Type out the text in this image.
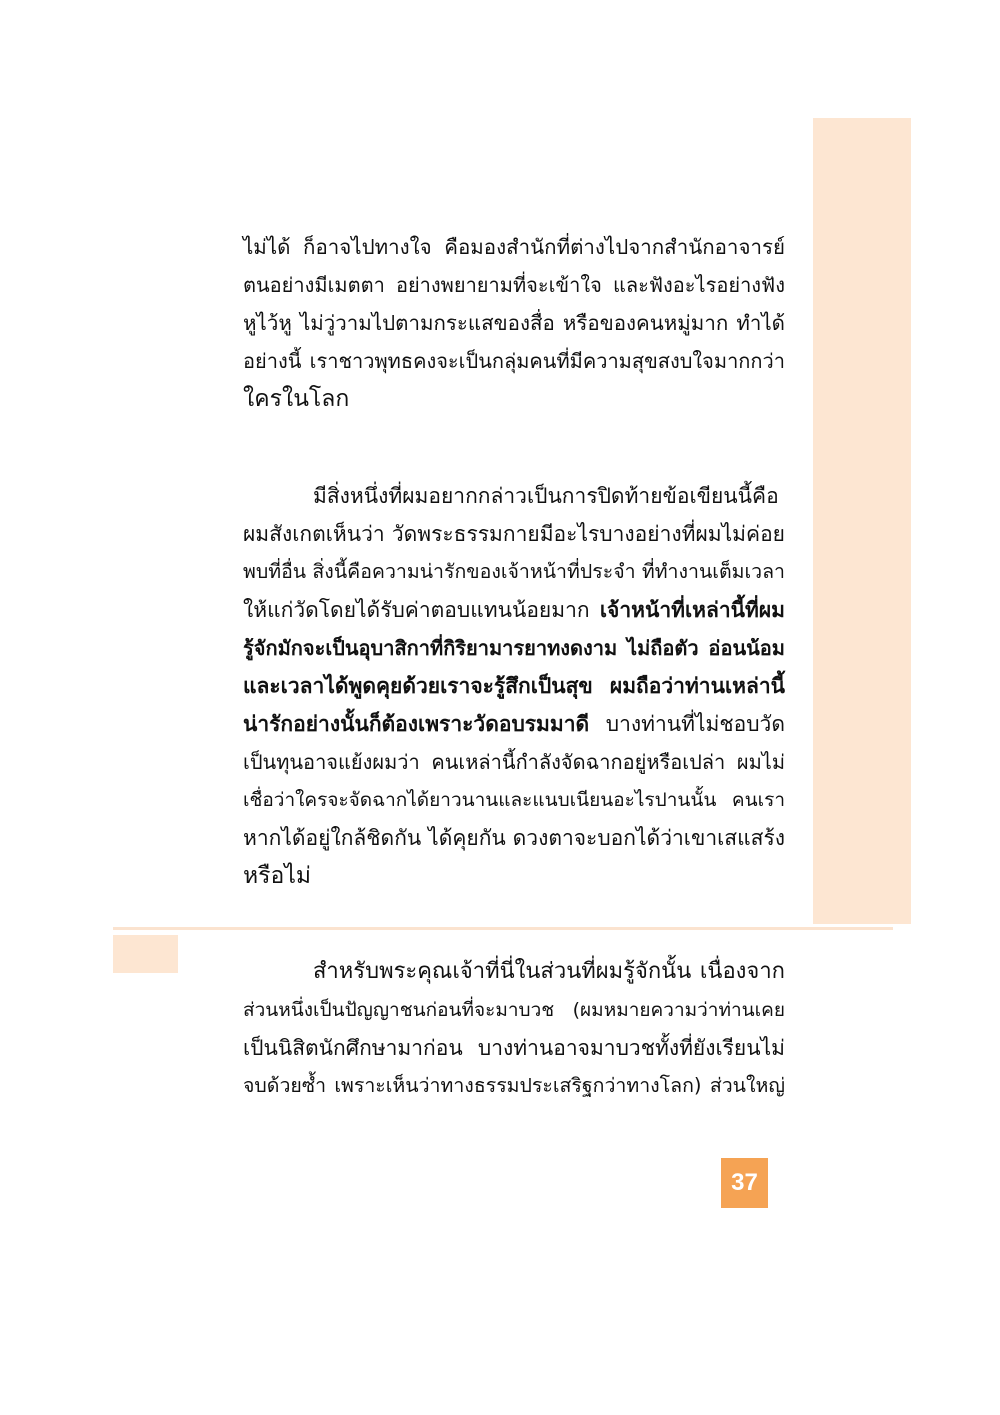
ไม่ได้ ก็อาจไปทางใจ คือมองสำนักที่ต่างไปจากสำนักอาจารย์
ตนอย่างมีเมตตา อย่างพยายามที่จะเข้าใจ และฟังอะไรอย่างฟัง
หูไว้หู ไม่วู่วามไปตามกระแสของสื่อ หรือของคนหมู่มาก ทำได้
อย่างนี้ เราชาวพุทธคงจะเป็นกลุ่มคนที่มีความสุขสงบใจมากกว่า
ใครในโลก
มีสิ่งหนึ่งที่ผมอยากกล่าวเป็นการปิดท้ายข้อเขียนนี้คือ
ผมสังเกตเห็นว่า วัดพระธรรมกายมีอะไรบางอย่างที่ผมไม่ค่อย
พบที่อื่น สิ่งนี้คือความน่ารักของเจ้าหน้าที่ประจำ ที่ทำงานเต็มเวลา
ให้แก่วัดโดยได้รับค่าตอบแทนน้อยมาก เจ้าหน้าที่เหล่านี้ที่ผม
รู้จักมักจะเป็นอุบาสิกาที่กิริยามารยาทงดงาม ไม่ถือตัว อ่อนน้อม
และเวลาได้พูดคุยด้วยเราจะรู้สึกเป็นสุข ผมถือว่าท่านเหล่านี้
น่ารักอย่างนั้นก็ต้องเพราะวัดอบรมมาดี บางท่านที่ไม่ชอบวัด
เป็นทุนอาจแย้งผมว่า คนเหล่านี้กำลังจัดฉากอยู่หรือเปล่า ผมไม่
เชื่อว่าใครจะจัดฉากได้ยาวนานและแนบเนียนอะไรปานนั้น คนเรา
หากได้อยู่ใกล้ชิดกัน ได้คุยกัน ดวงตาจะบอกได้ว่าเขาเสแสร้ง
หรือไม่
สำหรับพระคุณเจ้าที่นี่ในส่วนที่ผมรู้จักนั้น เนื่องจาก
ส่วนหนึ่งเป็นปัญญาชนก่อนที่จะมาบวช (ผมหมายความว่าท่านเคย
เป็นนิสิตนักศึกษามาก่อน บางท่านอาจมาบวชทั้งที่ยังเรียนไม่
จบด้วยซ้ำ เพราะเห็นว่าทางธรรมประเสริฐกว่าทางโลก) ส่วนใหญ่
37
